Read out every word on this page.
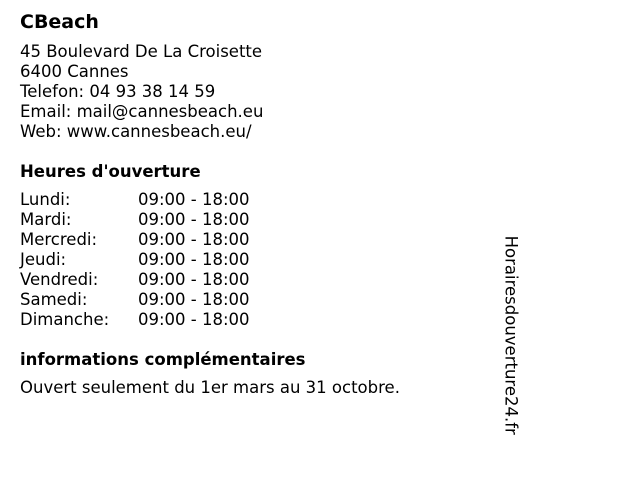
CBeach
45 Boulevard De La Croisette
6400 Cannes
Telefon: 04 93 38 14 59
Email: mail@cannesbeach.eu
Web: www.cannesbeach.eu/
Heures d'ouverture
Lundi:	09:00 - 18:00
Mardi:	09:00 - 18:00
Mercredi:	09:00 - 18:00
Jeudi:	09:00 - 18:00
Vendredi:	09:00 - 18:00
Samedi:	09:00 - 18:00
Dimanche:	09:00 - 18:00
informations complémentaires
Ouvert seulement du 1er mars au 31 octobre.	Horairesdouverture24.fr
